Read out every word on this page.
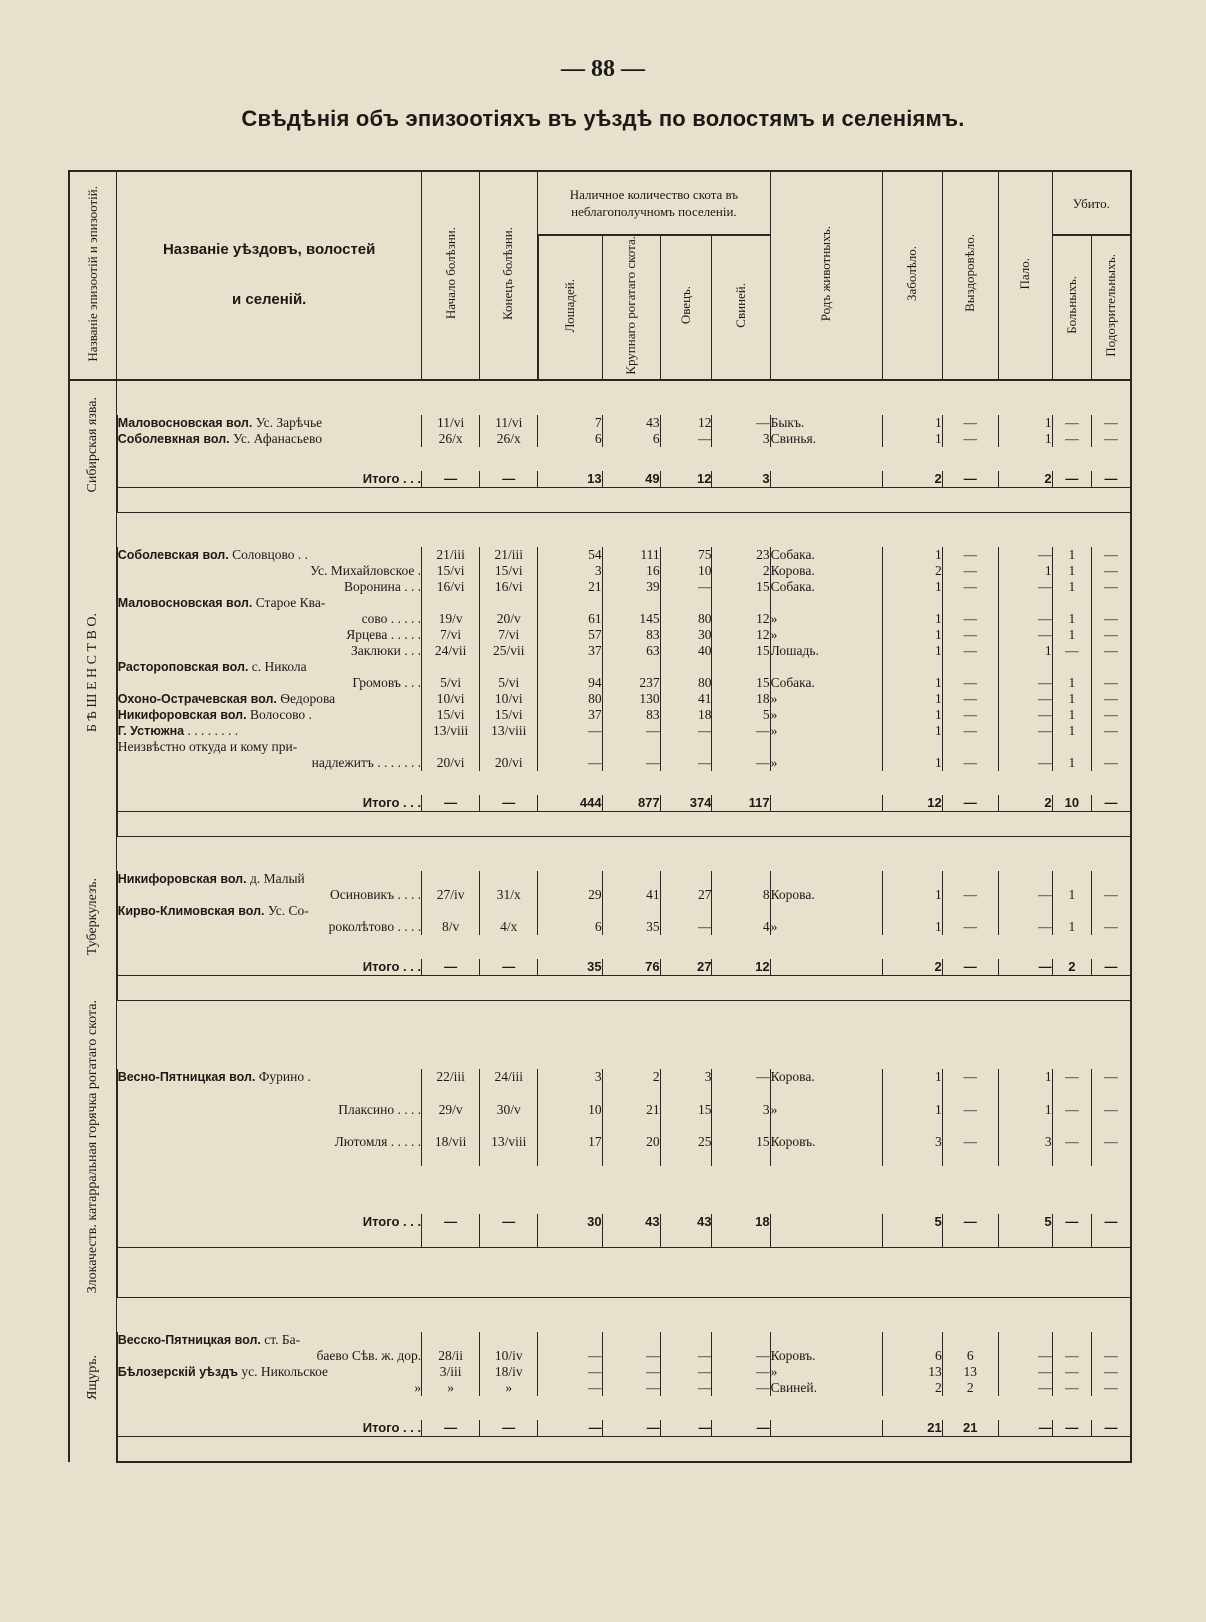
— 88 —
Свѣдѣнія объ эпизоотіяхъ въ уѣздѣ по волостямъ и селеніямъ.
Названіе эпизоотій и эпизоотій.	Названіе уѣздовъ, волостей
и селеній.	Начало болѣзни.	Конецъ болѣзни.	Наличное количество скота въ неблагополучномъ поселеніи.				Родъ животныхъ.	Заболѣло.	Выздоровѣло.	Пало.	Убито.	

				Лошадей.	Крупнаго рогатаго скота.	Овецъ.	Свиней.					Больныхъ.	Подозрительныхъ.
Сибирская язва.													
	Маловосновская вол. Ус. Зарѣчье	11/vi	11/vi	7	43	12	—	Быкъ.	1	—	1	—	—
	Соболевкная вол. Ус. Афанасьево	26/x	26/x	6	6	—	3	Свинья.	1	—	1	—	—

	Итого . . .	—	—	13	49	12	3		2	—	2	—	—

Б Ѣ Ш Е Н С Т В О.													
	Соболевская вол. Соловцово . .	21/iii	21/iii	54	111	75	23	Собака.	1	—	—	1	—
	Ус. Михайловское .	15/vi	15/vi	3	16	10	2	Корова.	2	—	1	1	—
	Воронина . . .	16/vi	16/vi	21	39	—	15	Собака.	1	—	—	1	—
	Маловосновская вол. Старое Ква-												
	сово . . . . .	19/v	20/v	61	145	80	12	»	1	—	—	1	—
	Ярцева . . . . .	7/vi	7/vi	57	83	30	12	»	1	—	—	1	—
	Заклюки . . .	24/vii	25/vii	37	63	40	15	Лошадь.	1	—	1	—	—
	Растороповская вол. с. Никола												
	Громовъ . . .	5/vi	5/vi	94	237	80	15	Собака.	1	—	—	1	—
	Охоно-Острачевская вол. Ѳедорова	10/vi	10/vi	80	130	41	18	»	1	—	—	1	—
	Никифоровская вол. Волосово .	15/vi	15/vi	37	83	18	5	»	1	—	—	1	—
	Г. Устюжна . . . . . . . .	13/viii	13/viii	—	—	—	—	»	1	—	—	1	—
	Неизвѣстно откуда и кому при-												
	надлежитъ . . . . . . .	20/vi	20/vi	—	—	—	—	»	1	—	—	1	—

	Итого . . .	—	—	444	877	374	117		12	—	2	10	—

Туберкулезъ.													
	Никифоровская вол. д. Малый												
	Осиновикъ . . . .	27/iv	31/x	29	41	27	8	Корова.	1	—	—	1	—
	Кирво-Климовская вол. Ус. Со-												
	роколѣтово . . . .	8/v	4/x	6	35	—	4	»	1	—	—	1	—

	Итого . . .	—	—	35	76	27	12		2	—	—	2	—

Злокачеств. катарральная горячка рогатаго скота.													
	Весно-Пятницкая вол. Фурино .	22/iii	24/iii	3	2	3	—	Корова.	1	—	1	—	—
	Плаксино . . . .	29/v	30/v	10	21	15	3	»	1	—	1	—	—
	Лютомля . . . . .	18/vii	13/viii	17	20	25	15	Коровъ.	3	—	3	—	—

	Итого . . .	—	—	30	43	43	18		5	—	5	—	—

Ящуръ.													
	Весско-Пятницкая вол. ст. Ба-												
	баево Сѣв. ж. дор.	28/ii	10/iv	—	—	—	—	Коровъ.	6	6	—	—	—
	Бѣлозерскій уѣздъ ус. Никольское	3/iii	18/iv	—	—	—	—	»	13	13	—	—	—
	»	»	»	—	—	—	—	Свиней.	2	2	—	—	—

	Итого . . .	—	—	—	—	—	—		21	21	—	—	—
